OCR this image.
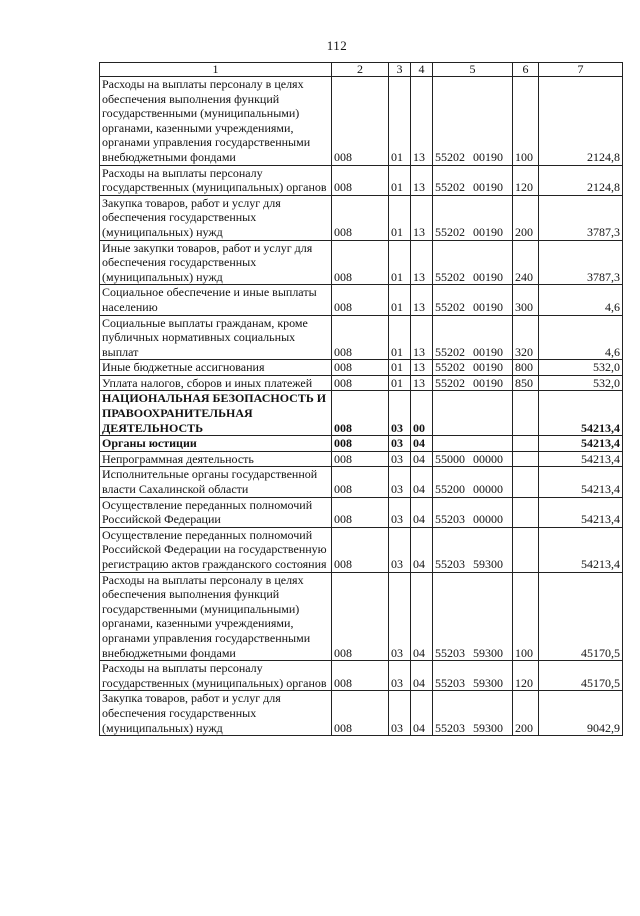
112
1	2	3	4	5	6	7
Расходы на выплаты персоналу в целях обеспечения выполнения функций государственными (муниципальными) органами, казенными учреждениями, органами управления государственными внебюджетными фондами	008	01	13	55202 00190	100	2124,8
Расходы на выплаты персоналу государственных (муниципальных) органов	008	01	13	55202 00190	120	2124,8
Закупка товаров, работ и услуг для обеспечения государственных (муниципальных) нужд	008	01	13	55202 00190	200	3787,3
Иные закупки товаров, работ и услуг для обеспечения государственных (муниципальных) нужд	008	01	13	55202 00190	240	3787,3
Социальное обеспечение и иные выплаты населению	008	01	13	55202 00190	300	4,6
Социальные выплаты гражданам, кроме публичных нормативных социальных выплат	008	01	13	55202 00190	320	4,6
Иные бюджетные ассигнования	008	01	13	55202 00190	800	532,0
Уплата налогов, сборов и иных платежей	008	01	13	55202 00190	850	532,0
НАЦИОНАЛЬНАЯ БЕЗОПАСНОСТЬ И ПРАВООХРАНИТЕЛЬНАЯ ДЕЯТЕЛЬНОСТЬ	008	03	00			54213,4
Органы юстиции	008	03	04			54213,4
Непрограммная деятельность	008	03	04	55000 00000		54213,4
Исполнительные органы государственной власти Сахалинской области	008	03	04	55200 00000		54213,4
Осуществление переданных полномочий Российской Федерации	008	03	04	55203 00000		54213,4
Осуществление переданных полномочий Российской Федерации на государственную регистрацию актов гражданского состояния	008	03	04	55203 59300		54213,4
Расходы на выплаты персоналу в целях обеспечения выполнения функций государственными (муниципальными) органами, казенными учреждениями, органами управления государственными внебюджетными фондами	008	03	04	55203 59300	100	45170,5
Расходы на выплаты персоналу государственных (муниципальных) органов	008	03	04	55203 59300	120	45170,5
Закупка товаров, работ и услуг для обеспечения государственных (муниципальных) нужд	008	03	04	55203 59300	200	9042,9
